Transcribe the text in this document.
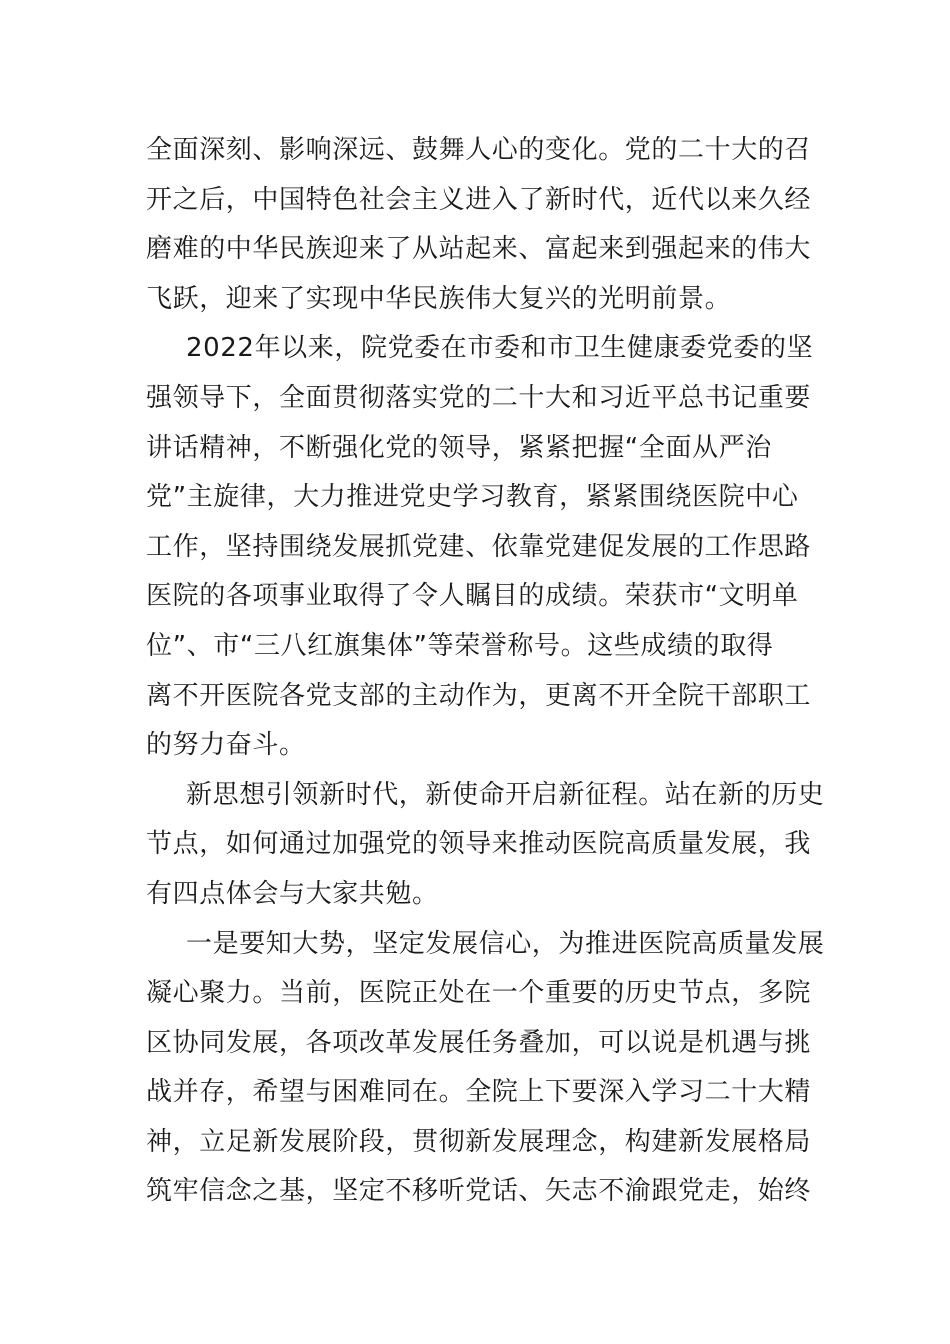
全面深刻、影响深远、鼓舞人心的变化。党的二十大的召
开之后，中国特色社会主义进入了新时代，近代以来久经
磨难的中华民族迎来了从站起来、富起来到强起来的伟大
飞跃，迎来了实现中华民族伟大复兴的光明前景。
2022年以来，院党委在市委和市卫生健康委党委的坚
强领导下，全面贯彻落实党的二十大和习近平总书记重要
讲话精神，不断强化党的领导，紧紧把握“全面从严治
党”主旋律，大力推进党史学习教育，紧紧围绕医院中心
工作，坚持围绕发展抓党建、依靠党建促发展的工作思路
医院的各项事业取得了令人瞩目的成绩。荣获市“文明单
位”、市“三八红旗集体”等荣誉称号。这些成绩的取得
离不开医院各党支部的主动作为，更离不开全院干部职工
的努力奋斗。
新思想引领新时代，新使命开启新征程。站在新的历史
节点，如何通过加强党的领导来推动医院高质量发展，我
有四点体会与大家共勉。
一是要知大势，坚定发展信心，为推进医院高质量发展
凝心聚力。当前，医院正处在一个重要的历史节点，多院
区协同发展，各项改革发展任务叠加，可以说是机遇与挑
战并存，希望与困难同在。全院上下要深入学习二十大精
神，立足新发展阶段，贯彻新发展理念，构建新发展格局
筑牢信念之基，坚定不移听党话、矢志不渝跟党走，始终
